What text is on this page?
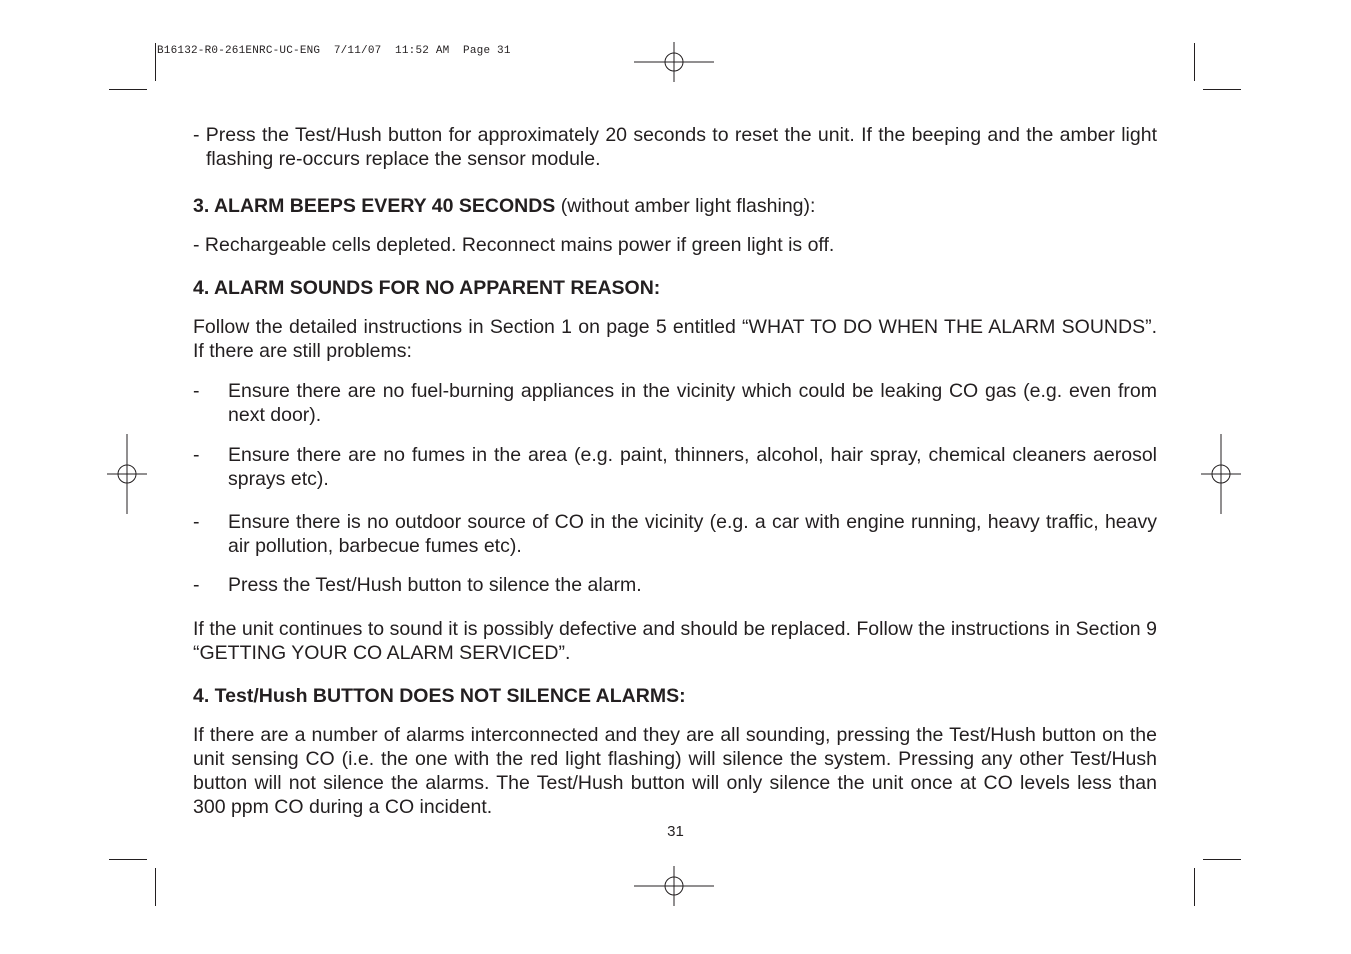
B16132-R0-261ENRC-UC-ENG  7/11/07  11:52 AM  Page 31

- Press the Test/Hush button for approximately 20 seconds to reset the unit. If the beeping and the amber light flashing re-occurs replace the sensor module.

3. ALARM BEEPS EVERY 40 SECONDS (without amber light flashing):

- Rechargeable cells depleted. Reconnect mains power if green light is off.

4. ALARM SOUNDS FOR NO APPARENT REASON:

Follow the detailed instructions in Section 1 on page 5 entitled “WHAT TO DO WHEN THE ALARM SOUNDS”. If there are still problems:

- Ensure there are no fuel-burning appliances in the vicinity which could be leaking CO gas (e.g. even from next door).

- Ensure there are no fumes in the area (e.g. paint, thinners, alcohol, hair spray, chemical cleaners aerosol sprays etc).

- Ensure there is no outdoor source of CO in the vicinity (e.g. a car with engine running, heavy traffic, heavy air pollution, barbecue fumes etc).

- Press the Test/Hush button to silence the alarm.

If the unit continues to sound it is possibly defective and should be replaced. Follow the instructions in Section 9 “GETTING YOUR CO ALARM SERVICED”.

4. Test/Hush BUTTON DOES NOT SILENCE ALARMS:

If there are a number of alarms interconnected and they are all sounding, pressing the Test/Hush button on the unit sensing CO (i.e. the one with the red light flashing) will silence the system. Pressing any other Test/Hush button will not silence the alarms. The Test/Hush button will only silence the unit once at CO levels less than 300 ppm CO during a CO incident.

31
